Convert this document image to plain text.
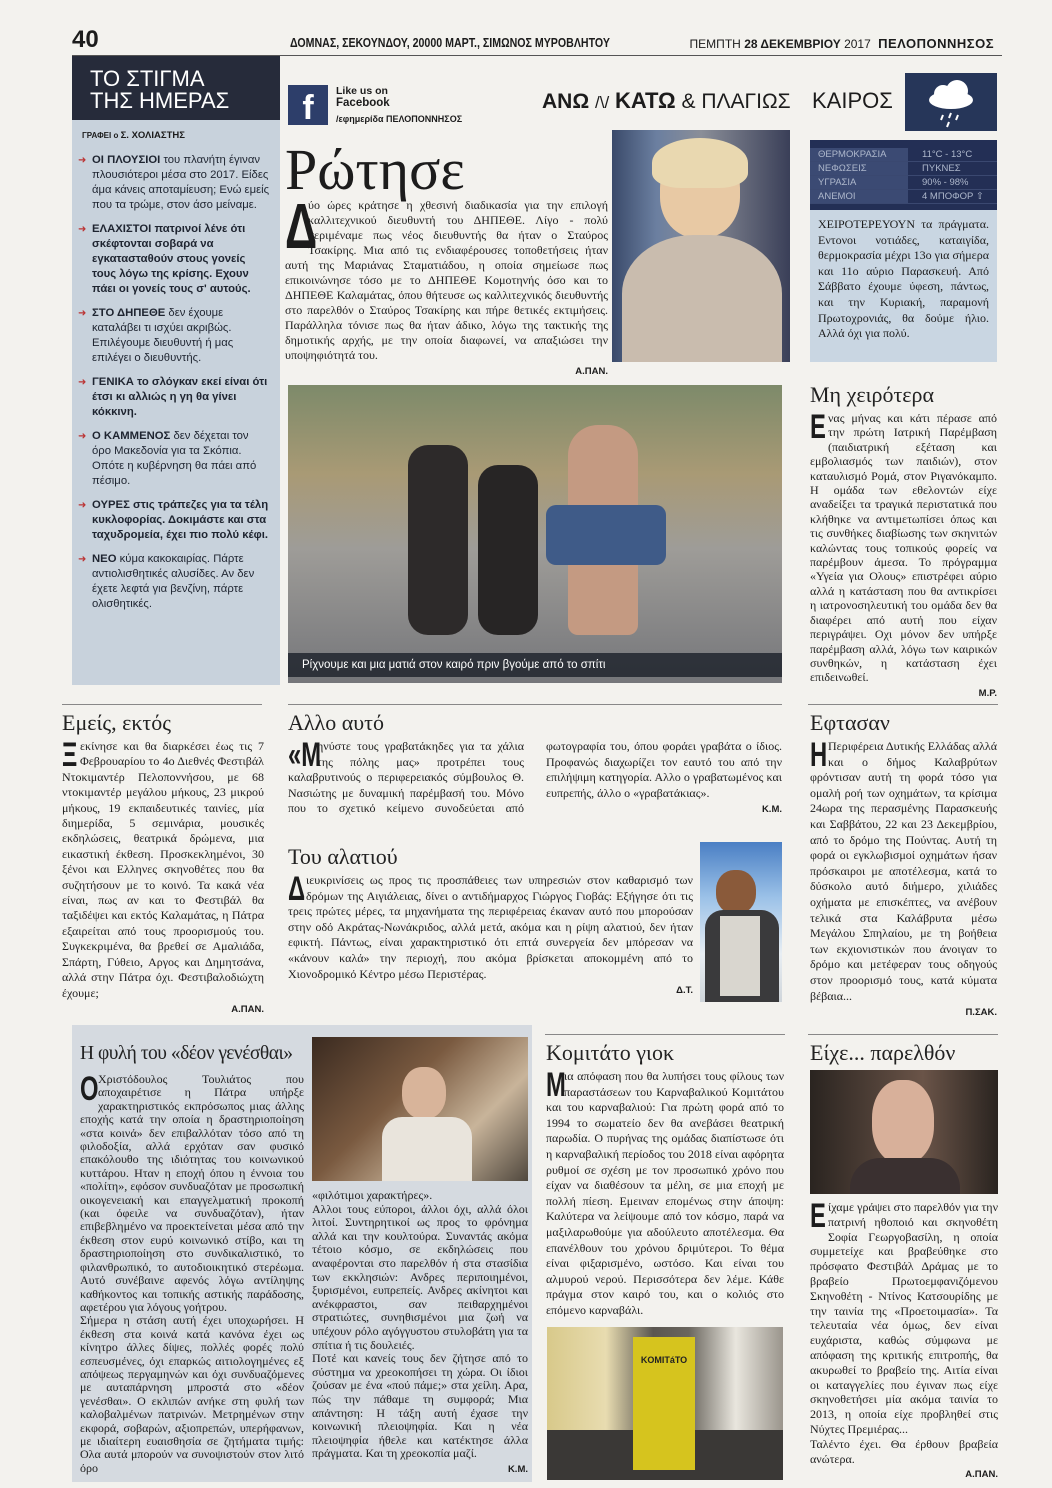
40	ΔΟΜΝΑΣ, ΣΕΚΟΥΝΔΟΥ, 20000 ΜΑΡΤ., ΣΙΜΩΝΟΣ ΜΥΡΟΒΛΗΤΟΥ	ΠΕΜΠΤΗ 28 ΔΕΚΕΜΒΡΙΟΥ 2017 ΠΕΛΟΠΟΝΝΗΣΟΣ
ΤΟ ΣΤΙΓΜΑ
ΤΗΣ ΗΜΕΡΑΣ
ΓΡΑΦΕΙ ο Σ. ΧΟΛΙΑΣΤΗΣ
➜ ΟΙ ΠΛΟΥΣΙΟΙ του πλανήτη έγιναν πλουσιότεροι μέσα στο 2017. Είδες άμα κάνεις αποταμίευση; Ενώ εμείς που τα τρώμε, στον άσο μείναμε.
➜ ΕΛΑΧΙΣΤΟΙ πατρινοί λένε ότι σκέφτονται σοβαρά να εγκατασταθούν στους γονείς τους λόγω της κρίσης. Εχουν πάει οι γονείς τους σ' αυτούς.
➜ ΣΤΟ ΔΗΠΕΘΕ δεν έχουμε καταλάβει τι ισχύει ακριβώς. Επιλέγουμε διευθυντή ή μας επιλέγει ο διευθυντής.
➜ ΓΕΝΙΚΑ το σλόγκαν εκεί είναι ότι έτσι κι αλλιώς η γη θα γίνει κόκκινη.
➜ Ο ΚΑΜΜΕΝΟΣ δεν δέχεται τον όρο Μακεδονία για τα Σκόπια. Οπότε η κυβέρνηση θα πάει από πέσιμο.
➜ ΟΥΡΕΣ στις τράπεζες για τα τέλη κυκλοφορίας. Δοκιμάστε και στα ταχυδρομεία, έχει πιο πολύ κέφι.
➜ ΝΕΟ κύμα κακοκαιρίας. Πάρτε αντιολισθητικές αλυσίδες. Αν δεν έχετε λεφτά για βενζίνη, πάρτε ολισθητικές.
f	Like us on
Facebook
/εφημερίδα ΠΕΛΟΠΟΝΝΗΣΟΣ
ΑΝΩ /\/ ΚΑΤΩ & ΠΛΑΓΙΩΣ ΚΑΙΡΟΣ
ΘΕΡΜΟΚΡΑΣΙΑ	11°C - 13°C
ΝΕΦΩΣΕΙΣ	ΠΥΚΝΕΣ
ΥΓΡΑΣΙΑ	90% - 98%
ΑΝΕΜΟΙ	4 ΜΠΟΦΟΡ ⇧
ΧΕΙΡΟΤΕΡΕΥΟΥΝ τα πράγματα. Εντονοι νοτιάδες, καταιγίδα, θερμοκρασία μέχρι 13ο για σήμερα και 11ο αύριο Παρασκευή. Από Σάββατο έχουμε ύφεση, πάντως, και την Κυριακή, παραμονή Πρωτοχρονιάς, θα δούμε ήλιο. Αλλά όχι για πολύ.
Ρώτησε
Δ
ύο ώρες κράτησε η χθεσινή διαδικασία για την επιλογή καλλιτεχνικού διευθυντή του ΔΗΠΕΘΕ. Λίγο - πολύ περιμέναμε πως νέος διευθυντής θα ήταν ο Σταύρος Τσακίρης. Μια από τις ενδιαφέρουσες τοποθετήσεις ήταν αυτή της Μαριάνας Σταματιάδου, η οποία σημείωσε πως επικοινώνησε τόσο με το ΔΗΠΕΘΕ Κομοτηνής όσο και το ΔΗΠΕΘΕ Καλαμάτας, όπου θήτευσε ως καλλιτεχνικός διευθυντής στο παρελθόν ο Σταύρος Τσακίρης και πήρε θετικές εκτιμήσεις. Παράλληλα τόνισε πως θα ήταν άδικο, λόγω της τακτικής της δημοτικής αρχής, με την οποία διαφωνεί, να απαξιώσει την υποψηφιότητά του.
Α.ΠΑΝ.
Ρίχνουμε και μια ματιά στον καιρό πριν βγούμε από το σπίτι
Μη χειρότερα
Ενας μήνας και κάτι πέρασε από την πρώτη Ιατρική Παρέμβαση (παιδιατρική εξέταση και εμβολιασμός των παιδιών), στον καταυλισμό Ρομά, στον Ριγανόκαμπο. Η ομάδα των εθελοντών είχε αναδείξει τα τραγικά περιστατικά που κλήθηκε να αντιμετωπίσει όπως και τις συνθήκες διαβίωσης των σκηνιτών καλώντας τους τοπικούς φορείς να παρέμβουν άμεσα. Το πρόγραμμα «Υγεία για Ολους» επιστρέφει αύριο αλλά η κατάσταση που θα αντικρίσει η ιατρονοσηλευτική του ομάδα δεν θα διαφέρει από αυτή που είχαν περιγράψει. Οχι μόνον δεν υπήρξε παρέμβαση αλλά, λόγω των καιρικών συνθηκών, η κατάσταση έχει επιδεινωθεί.
Μ.Ρ.
Εμείς, εκτός
Ξεκίνησε και θα διαρκέσει έως τις 7 Φεβρουαρίου το 4ο Διεθνές Φεστιβάλ Ντοκιμαντέρ Πελοποννήσου, με 68 ντοκιμαντέρ μεγάλου μήκους, 23 μικρού μήκους, 19 εκπαιδευτικές ταινίες, μία διημερίδα, 5 σεμινάρια, μουσικές εκδηλώσεις, θεατρικά δρώμενα, μια εικαστική έκθεση. Προσκεκλημένοι, 30 ξένοι και Ελληνες σκηνοθέτες που θα συζητήσουν με το κοινό. Τα κακά νέα είναι, πως αν και το Φεστιβάλ θα ταξιδέψει και εκτός Καλαμάτας, η Πάτρα εξαιρείται από τους προορισμούς του. Συγκεκριμένα, θα βρεθεί σε Αμαλιάδα, Σπάρτη, Γύθειο, Αργος και Δημητσάνα, αλλά στην Πάτρα όχι. Φεστιβαλοδιώχτη έχουμε;
Α.ΠΑΝ.
Αλλο αυτό
«Μ
ηνύστε τους γραβατάκηδες για τα χάλια της πόλης μας» προτρέπει τους καλαβρυτινούς ο περιφερειακός σύμβουλος Θ. Νασιώτης με δυναμική παρέμβασή του. Μόνο που το σχετικό κείμενο συνοδεύεται από φωτογραφία του, όπου φοράει γραβάτα ο ίδιος. Προφανώς διαχωρίζει τον εαυτό του από την επιλήψιμη κατηγορία. Αλλο ο γραβατωμένος και ευπρεπής, άλλο ο «γραβατάκιας».
Κ.Μ.
Του αλατιού
Διευκρινίσεις ως προς τις προσπάθειες των υπηρεσιών στον καθαρισμό των δρόμων της Αιγιάλειας, δίνει ο αντιδήμαρχος Γιώργος Γιοβάς: Εξήγησε ότι τις τρεις πρώτες μέρες, τα μηχανήματα της περιφέρειας έκαναν αυτό που μπορούσαν στην οδό Ακράτας-Νωνάκριδος, αλλά μετά, ακόμα και η ρίψη αλατιού, δεν ήταν εφικτή. Πάντως, είναι χαρακτηριστικό ότι επτά συνεργεία δεν μπόρεσαν να «κάνουν καλά» την περιοχή, που ακόμα βρίσκεται αποκομμένη από το Χιονοδρομικό Κέντρο μέσω Περιστέρας.
Δ.Τ.
Εφτασαν
Η Περιφέρεια Δυτικής Ελλάδας αλλά και ο δήμος Καλαβρύτων φρόντισαν αυτή τη φορά τόσο για ομαλή ροή των οχημάτων, τα κρίσιμα 24ωρα της περασμένης Παρασκευής και Σαββάτου, 22 και 23 Δεκεμβρίου, από το δρόμο της Πούντας. Αυτή τη φορά οι εγκλωβισμοί οχημάτων ήσαν πρόσκαιροι με αποτέλεσμα, κατά το δύσκολο αυτό διήμερο, χιλιάδες οχήματα με επισκέπτες, να ανέβουν τελικά στα Καλάβρυτα μέσω Μεγάλου Σπηλαίου, με τη βοήθεια των εκχιονιστικών που άνοιγαν το δρόμο και μετέφεραν τους οδηγούς στον προορισμό τους, κατά κύματα βέβαια...
Π.ΣΑΚ.
Η φυλή του «δέον γενέσθαι»
Ο Χριστόδουλος Τουλιάτος που αποχαιρέτισε η Πάτρα υπήρξε χαρακτηριστικός εκπρόσωπος μιας άλλης εποχής κατά την οποία η δραστηριοποίηση «στα κοινά» δεν επιβαλλόταν τόσο από τη φιλοδοξία, αλλά ερχόταν σαν φυσικό επακόλουθο της ιδιότητας του κοινωνικού κυττάρου. Ηταν η εποχή όπου η έννοια του «πολίτη», εφόσον συνδυαζόταν με προσωπική οικογενειακή και επαγγελματική προκοπή (και όφειλε να συνδυαζόταν), ήταν επιβεβλημένο να προεκτείνεται μέσα από την έκθεση στον ευρύ κοινωνικό στίβο, και τη δραστηριοποίηση στο συνδικαλιστικό, το φιλανθρωπικό, το αυτοδιοικητικό στερέωμα. Αυτό συνέβαινε αφενός λόγω αντίληψης καθήκοντος και τοπικής αστικής παράδοσης, αφετέρου για λόγους γοήτρου.
Σήμερα η στάση αυτή έχει υποχωρήσει. Η έκθεση στα κοινά κατά κανόνα έχει ως κίνητρο άλλες δίψες, πολλές φορές πολύ εσπευσμένες, όχι επαρκώς αιτιολογημένες εξ απόψεως περγαμηνών και όχι συνδυαζόμενες με αυταπάρνηση μπροστά στο «δέον γενέσθαι». Ο εκλιπών ανήκε στη φυλή των καλοβαλμένων πατρινών. Μετρημένων στην εκφορά, σοβαρών, αξιοπρεπών, υπερήφανων, με ιδιαίτερη ευαισθησία σε ζητήματα τιμής: Ολα αυτά μπορούν να συνοψιστούν στον λιτό όρο
«φιλότιμοι χαρακτήρες».
Αλλοι τους εύποροι, άλλοι όχι, αλλά όλοι λιτοί. Συντηρητικοί ως προς το φρόνημα αλλά και την κουλτούρα. Συναντάς ακόμα τέτοιο κόσμο, σε εκδηλώσεις που αναφέρονται στο παρελθόν ή στα στασίδια των εκκλησιών: Ανδρες περιποιημένοι, ξυρισμένοι, ευπρεπείς. Ανδρες ακίνητοι και ανέκφραστοι, σαν πειθαρχημένοι στρατιώτες, συνηθισμένοι μια ζωή να υπέχουν ρόλο αγόγγυστου στυλοβάτη για τα σπίτια ή τις δουλειές.
Ποτέ και κανείς τους δεν ζήτησε από το σύστημα να χρεοκοπήσει τη χώρα. Οι ίδιοι ζούσαν με ένα «πού πάμε;» στα χείλη. Αρα, πώς την πάθαμε τη συμφορά; Μια απάντηση: Η τάξη αυτή έχασε την κοινωνική πλειοψηφία. Και η νέα πλειοψηφία ήθελε και κατέκτησε άλλα πράγματα. Και τη χρεοκοπία μαζί.
Κ.Μ.
Κομιτάτο γιοκ
Μ
ια απόφαση που θα λυπήσει τους φίλους των παραστάσεων του Καρναβαλικού Κομιτάτου και του καρναβαλιού: Για πρώτη φορά από το 1994 το σωματείο δεν θα ανεβάσει θεατρική παρωδία. Ο πυρήνας της ομάδας διαπίστωσε ότι η καρναβαλική περίοδος του 2018 είναι αφόρητα ρυθμοί σε σχέση με τον προσωπικό χρόνο που είχαν να διαθέσουν τα μέλη, σε μια εποχή με πολλή πίεση. Εμειναν επομένως στην άποψη: Καλύτερα να λείψουμε από τον κόσμο, παρά να μαξιλαρωθούμε για αδούλευτο αποτέλεσμα. Θα επανέλθουν του χρόνου δριμύτεροι. Το θέμα είναι φιξαρισμένο, ωστόσο. Και είναι του αλμυρού νερού. Περισσότερα δεν λέμε. Κάθε πράγμα στον καιρό του, και ο κολιός στο επόμενο καρναβάλι.
KOMITáTO
Είχε... παρελθόν
Είχαμε γράψει στο παρελθόν για την πατρινή ηθοποιό και σκηνοθέτη Σοφία Γεωργοβασίλη, η οποία συμμετείχε και βραβεύθηκε στο πρόσφατο Φεστιβάλ Δράμας με το βραβείο Πρωτοεμφανιζόμενου Σκηνοθέτη - Ντίνος Κατσουρίδης με την ταινία της «Προετοιμασία». Τα τελευταία νέα όμως, δεν είναι ευχάριστα, καθώς σύμφωνα με απόφαση της κριτικής επιτροπής, θα ακυρωθεί το βραβείο της. Αιτία είναι οι καταγγελίες που έγιναν πως είχε σκηνοθετήσει μία ακόμα ταινία το 2013, η οποία είχε προβληθεί στις Νύχτες Πρεμιέρας...
Ταλέντο έχει. Θα έρθουν βραβεία ανώτερα.
Α.ΠΑΝ.
